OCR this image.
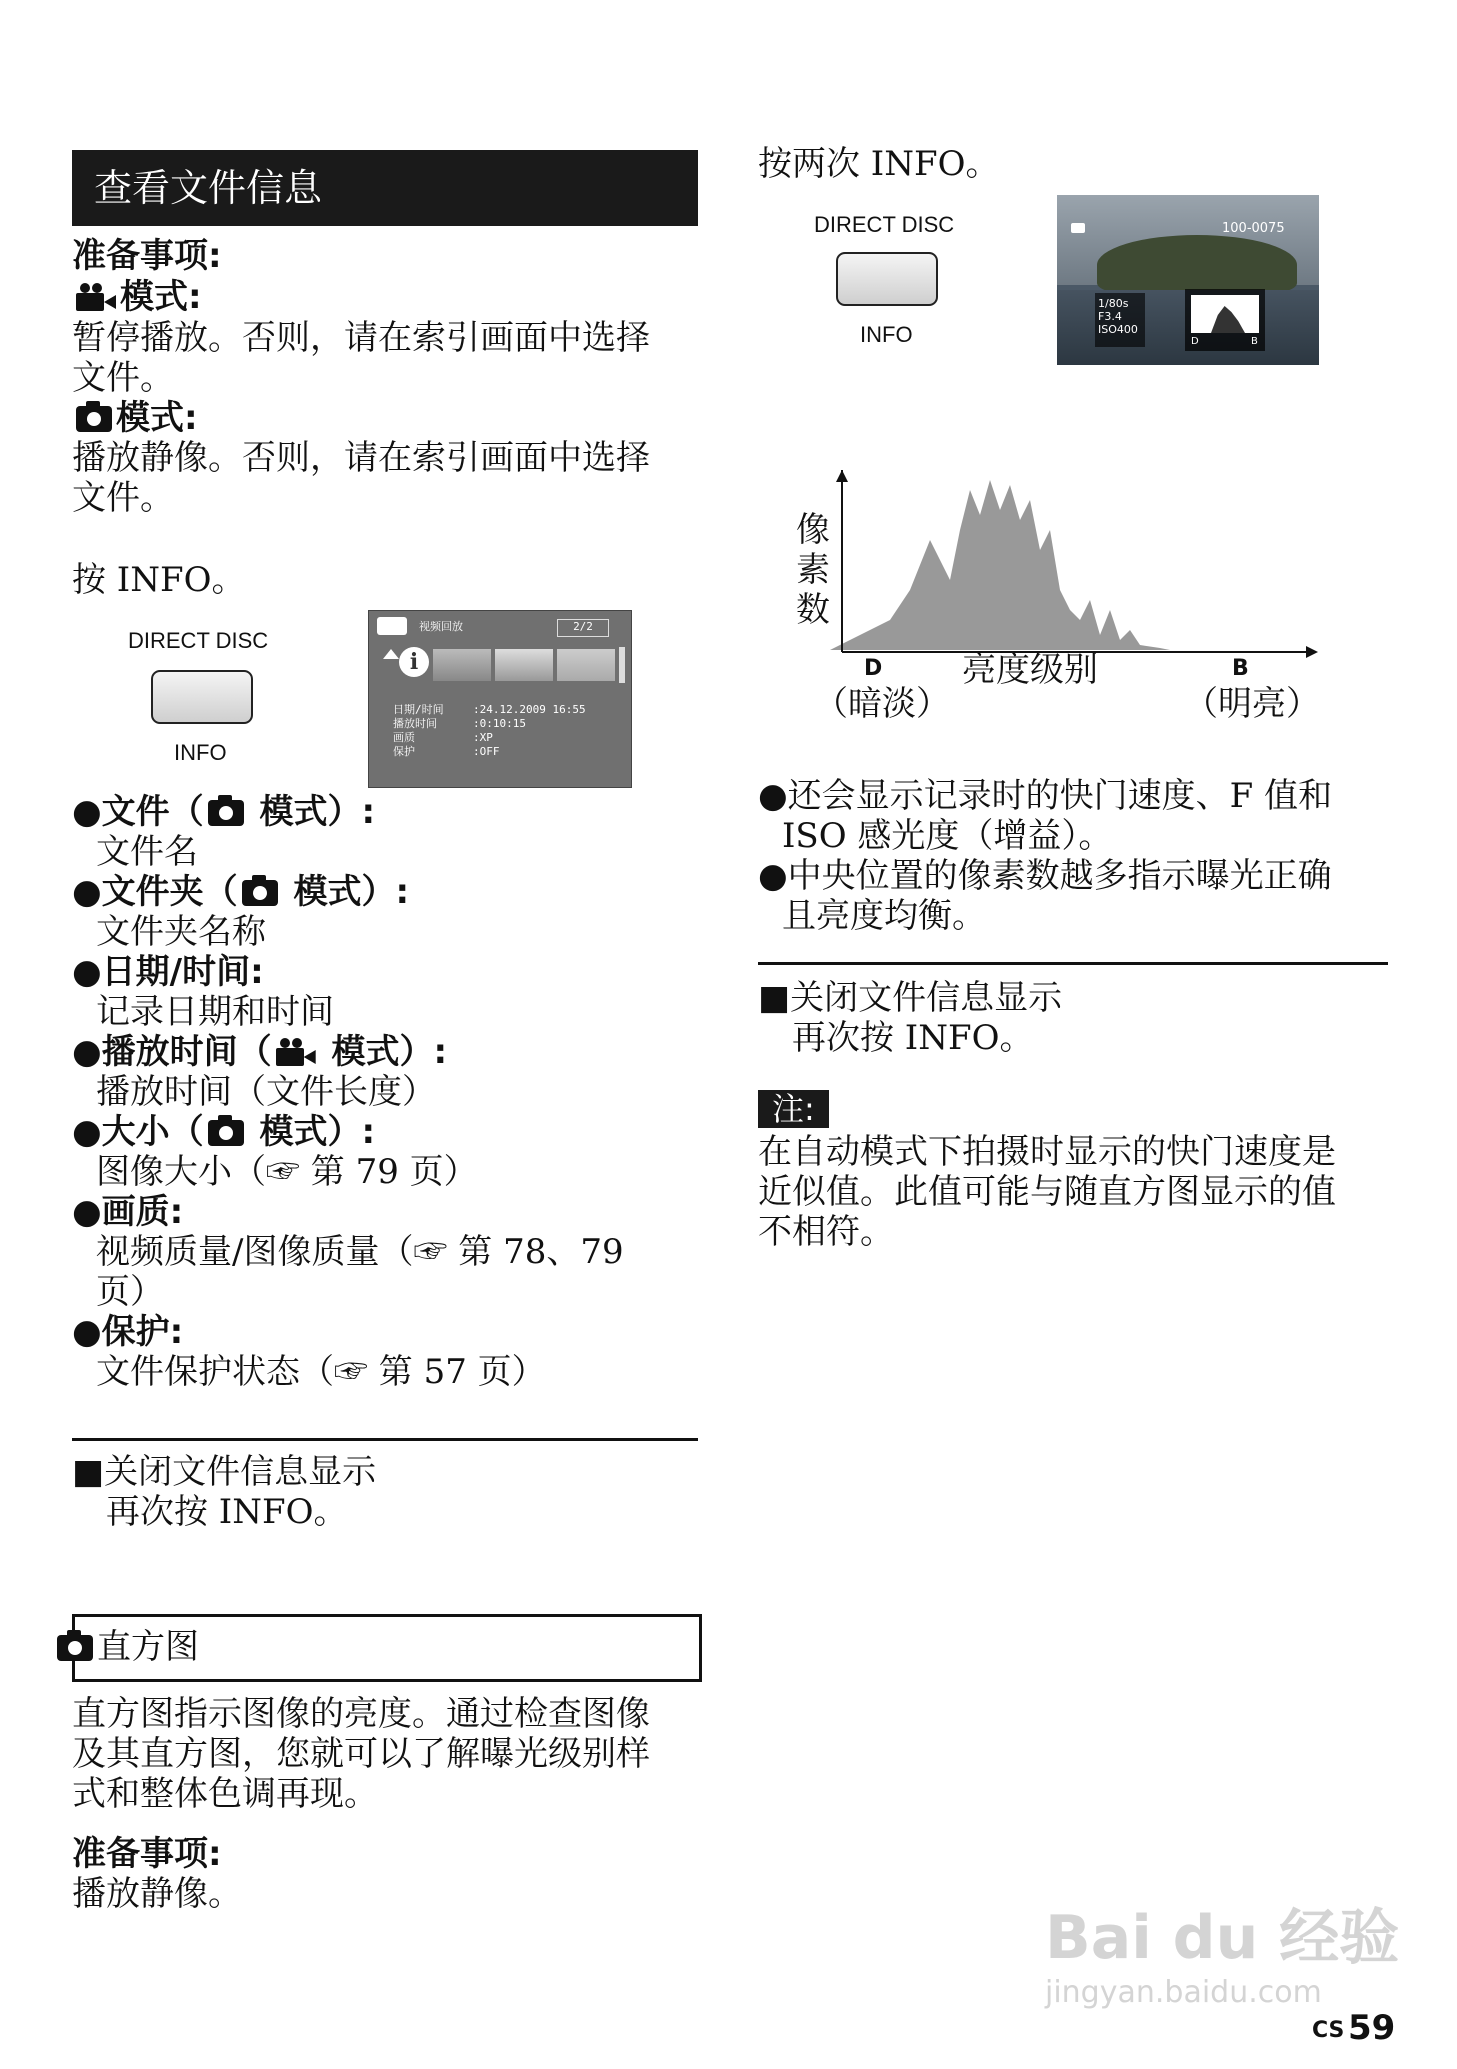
查看文件信息
准备事项:
模式:
暂停播放。否则，请在索引画面中选择
文件。
模式:
播放静像。否则，请在索引画面中选择
文件。
按 INFO。
DIRECT DISC
INFO
视频回放	2/2
i
日期/时间	:24.12.2009 16:55
播放时间	:0:10:15
画质	:XP
保护	:OFF
●文件（ 模式）:
文件名
●文件夹（ 模式）:
文件夹名称
●日期/时间:
记录日期和时间
●播放时间（
模式）:
播放时间（文件长度）
●大小（ 模式）:
图像大小（☞ 第 79 页）
●画质:
视频质量/图像质量（☞ 第 78、79
页）
●保护:
文件保护状态（☞ 第 57 页）
■关闭文件信息显示
再次按 INFO。
直方图
直方图指示图像的亮度。通过检查图像
及其直方图，您就可以了解曝光级别样
式和整体色调再现。
准备事项:
播放静像。
按两次 INFO。
DIRECT DISC
INFO
100-0075
1/80s
F3.4
ISO400
D	B
像素数
D 亮度级别	B
（暗淡）	（明亮）
●还会显示记录时的快门速度、F 值和
ISO 感光度（增益）。
●中央位置的像素数越多指示曝光正确
且亮度均衡。
■关闭文件信息显示
再次按 INFO。
注:
在自动模式下拍摄时显示的快门速度是
近似值。此值可能与随直方图显示的值
不相符。
Bai du 经验
jingyan.baidu.com
CS 59
